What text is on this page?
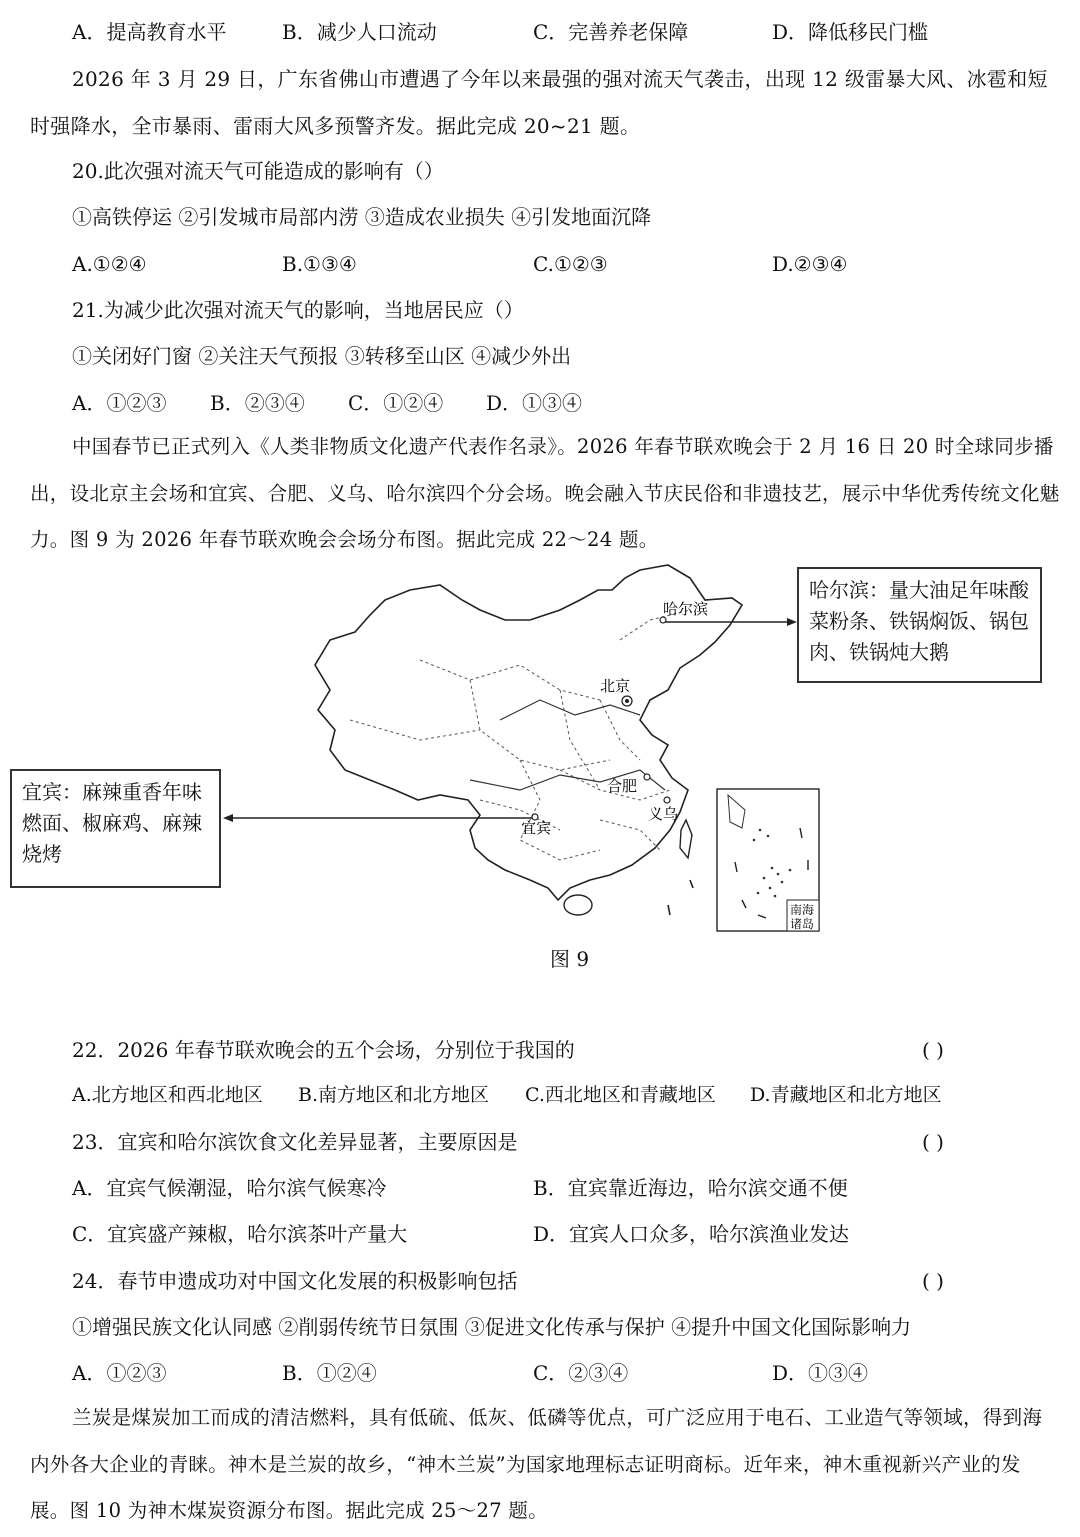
A．提高教育水平	B．减少人口流动	C．完善养老保障	D．降低移民门槛
2026 年 3 月 29 日，广东省佛山市遭遇了今年以来最强的强对流天气袭击，出现 12 级雷暴大风、冰雹和短时强降水，全市暴雨、雷雨大风多预警齐发。据此完成 20~21 题。
20.此次强对流天气可能造成的影响有（）
①高铁停运 ②引发城市局部内涝 ③造成农业损失 ④引发地面沉降
A.①②④	B.①③④	C.①②③	D.②③④
21.为减少此次强对流天气的影响，当地居民应（）
①关闭好门窗 ②关注天气预报 ③转移至山区 ④减少外出
A．①②③ B．②③④ C．①②④ D．①③④
中国春节已正式列入《人类非物质文化遗产代表作名录》。2026 年春节联欢晚会于 2 月 16 日 20 时全球同步播出，设北京主会场和宜宾、合肥、义乌、哈尔滨四个分会场。晚会融入节庆民俗和非遗技艺，展示中华优秀传统文化魅力。图 9 为 2026 年春节联欢晚会会场分布图。据此完成 22～24 题。
哈尔滨
北京
合肥
义乌
宜宾
南海
诸岛
哈尔滨：量大油足年味酸菜粉条、铁锅焖饭、锅包肉、铁锅炖大鹅
宜宾：麻辣重香年味燃面、椒麻鸡、麻辣烧烤
图 9
22．2026 年春节联欢晚会的五个会场，分别位于我国的	( )
A.北方地区和西北地区 B.南方地区和北方地区 C.西北地区和青藏地区 D.青藏地区和北方地区
23．宜宾和哈尔滨饮食文化差异显著，主要原因是	( )
A．宜宾气候潮湿，哈尔滨气候寒冷	B．宜宾靠近海边，哈尔滨交通不便
C．宜宾盛产辣椒，哈尔滨茶叶产量大	D．宜宾人口众多，哈尔滨渔业发达
24．春节申遗成功对中国文化发展的积极影响包括	( )
①增强民族文化认同感 ②削弱传统节日氛围 ③促进文化传承与保护 ④提升中国文化国际影响力
A．①②③	B．①②④	C．②③④	D．①③④
兰炭是煤炭加工而成的清洁燃料，具有低硫、低灰、低磷等优点，可广泛应用于电石、工业造气等领域，得到海内外各大企业的青睐。神木是兰炭的故乡，“神木兰炭”为国家地理标志证明商标。近年来，神木重视新兴产业的发展。图 10 为神木煤炭资源分布图。据此完成 25～27 题。
